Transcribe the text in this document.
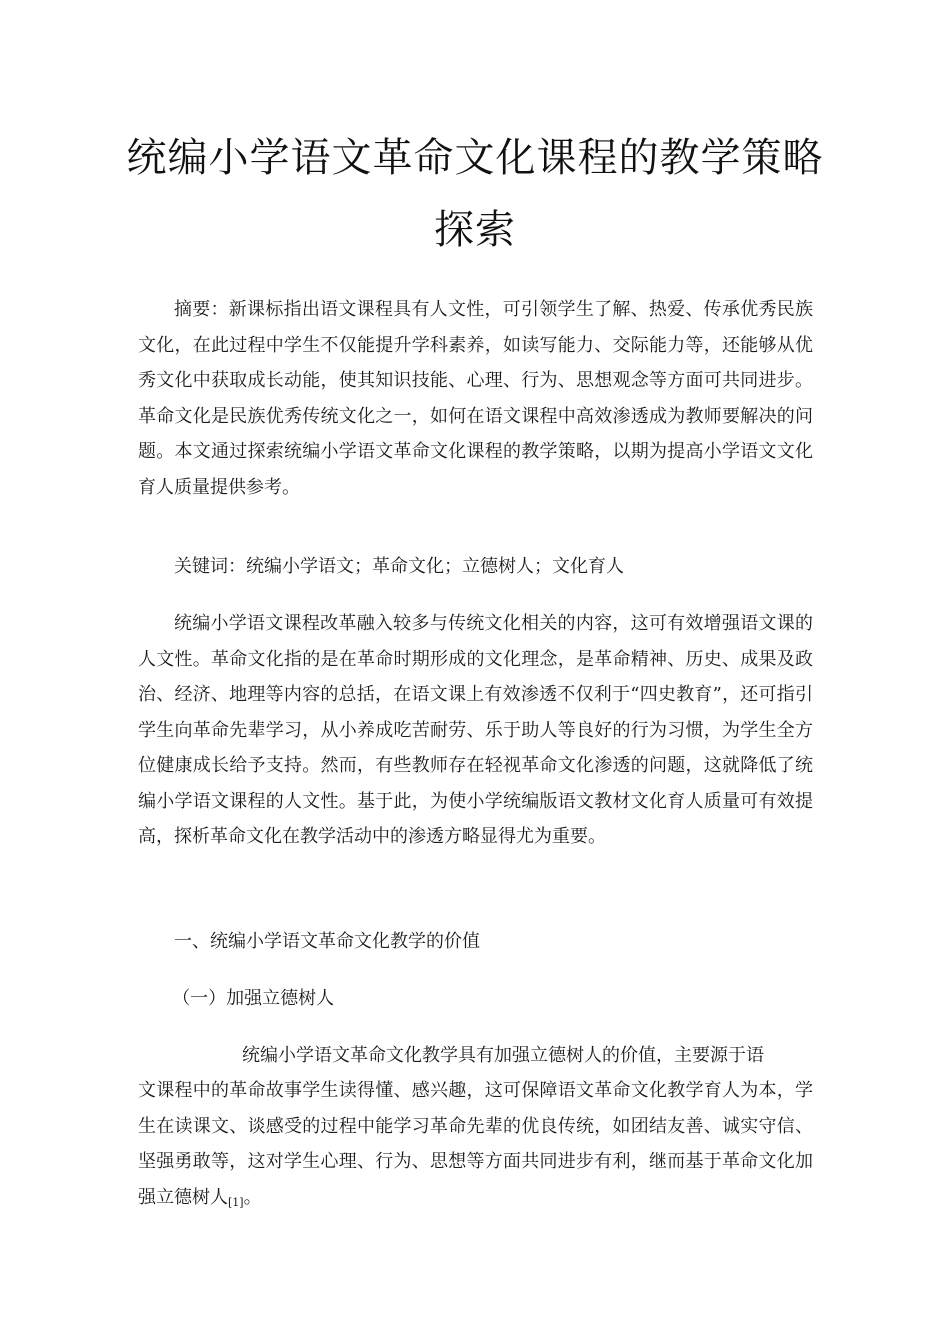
统编小学语文革命文化课程的教学策略
探索

摘要：新课标指出语文课程具有人文性，可引领学生了解、热爱、传承优秀民族文化，在此过程中学生不仅能提升学科素养，如读写能力、交际能力等，还能够从优秀文化中获取成长动能，使其知识技能、心理、行为、思想观念等方面可共同进步。革命文化是民族优秀传统文化之一，如何在语文课程中高效渗透成为教师要解决的问题。本文通过探索统编小学语文革命文化课程的教学策略，以期为提高小学语文文化育人质量提供参考。

关键词：统编小学语文；革命文化；立德树人；文化育人

统编小学语文课程改革融入较多与传统文化相关的内容，这可有效增强语文课的人文性。革命文化指的是在革命时期形成的文化理念，是革命精神、历史、成果及政治、经济、地理等内容的总括，在语文课上有效渗透不仅利于“四史教育”，还可指引学生向革命先辈学习，从小养成吃苦耐劳、乐于助人等良好的行为习惯，为学生全方位健康成长给予支持。然而，有些教师存在轻视革命文化渗透的问题，这就降低了统编小学语文课程的人文性。基于此，为使小学统编版语文教材文化育人质量可有效提高，探析革命文化在教学活动中的渗透方略显得尤为重要。

一、统编小学语文革命文化教学的价值

（一）加强立德树人

统编小学语文革命文化教学具有加强立德树人的价值，主要源于语

文课程中的革命故事学生读得懂、感兴趣，这可保障语文革命文化教学育人为本，学生在读课文、谈感受的过程中能学习革命先辈的优良传统，如团结友善、诚实守信、坚强勇敢等，这对学生心理、行为、思想等方面共同进步有利，继而基于革命文化加强立德树人[1]。
